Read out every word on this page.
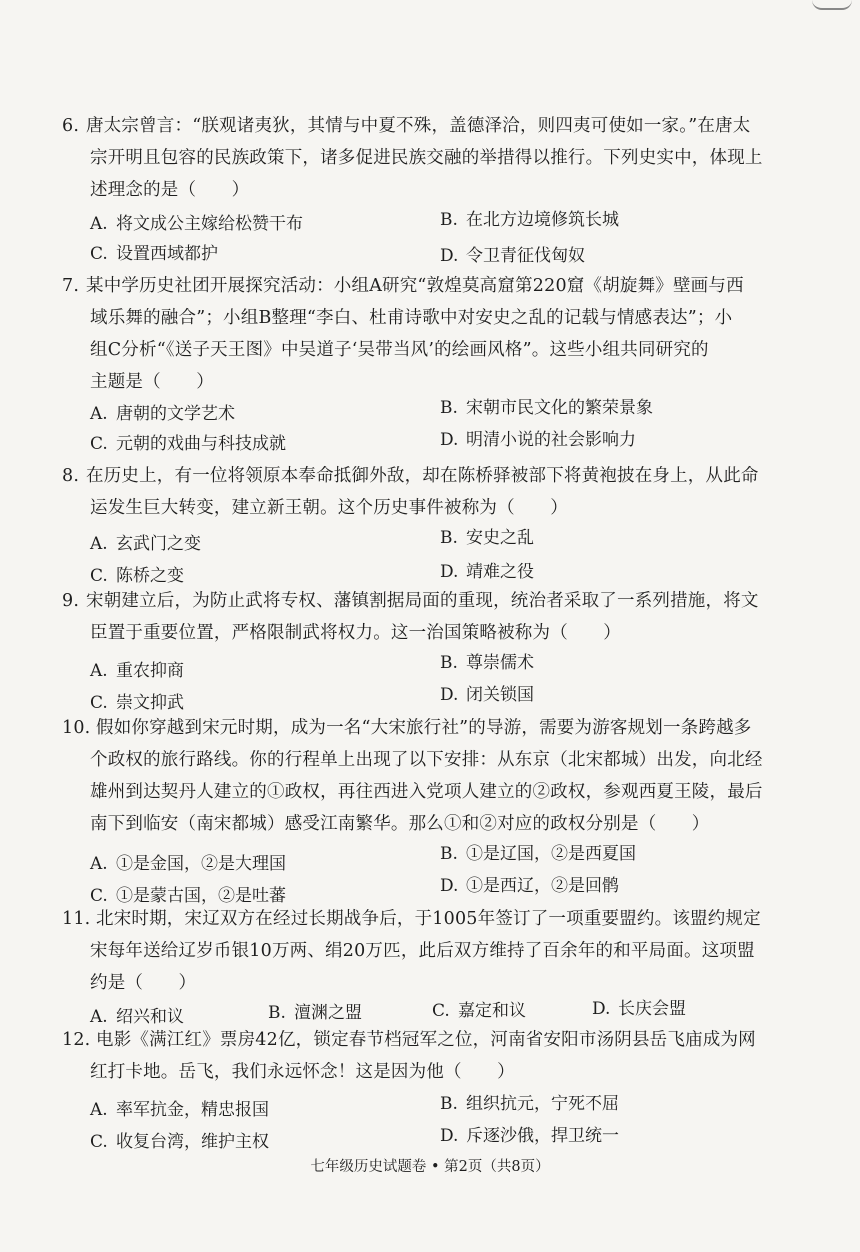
6. 唐太宗曾言：“朕观诸夷狄，其情与中夏不殊，盖德泽洽，则四夷可使如一家。”在唐太
宗开明且包容的民族政策下，诸多促进民族交融的举措得以推行。下列史实中，体现上
述理念的是（　　）
A. 将文成公主嫁给松赞干布	B. 在北方边境修筑长城
C. 设置西域都护	D. 令卫青征伐匈奴
7. 某中学历史社团开展探究活动：小组A研究“敦煌莫高窟第220窟《胡旋舞》壁画与西
域乐舞的融合”；小组B整理“李白、杜甫诗歌中对安史之乱的记载与情感表达”；小
组C分析“《送子天王图》中吴道子‘吴带当风’的绘画风格”。这些小组共同研究的
主题是（　　）
A. 唐朝的文学艺术	B. 宋朝市民文化的繁荣景象
C. 元朝的戏曲与科技成就	D. 明清小说的社会影响力
8. 在历史上，有一位将领原本奉命抵御外敌，却在陈桥驿被部下将黄袍披在身上，从此命
运发生巨大转变，建立新王朝。这个历史事件被称为（　　）
A. 玄武门之变	B. 安史之乱
C. 陈桥之变	D. 靖难之役
9. 宋朝建立后，为防止武将专权、藩镇割据局面的重现，统治者采取了一系列措施，将文
臣置于重要位置，严格限制武将权力。这一治国策略被称为（　　）
A. 重农抑商	B. 尊崇儒术
C. 崇文抑武	D. 闭关锁国
10. 假如你穿越到宋元时期，成为一名“大宋旅行社”的导游，需要为游客规划一条跨越多
个政权的旅行路线。你的行程单上出现了以下安排：从东京（北宋都城）出发，向北经
雄州到达契丹人建立的①政权，再往西进入党项人建立的②政权，参观西夏王陵，最后
南下到临安（南宋都城）感受江南繁华。那么①和②对应的政权分别是（　　）
A. ①是金国，②是大理国	B. ①是辽国，②是西夏国
C. ①是蒙古国，②是吐蕃	D. ①是西辽，②是回鹘
11. 北宋时期，宋辽双方在经过长期战争后，于1005年签订了一项重要盟约。该盟约规定
宋每年送给辽岁币银10万两、绢20万匹，此后双方维持了百余年的和平局面。这项盟
约是（　　）
A. 绍兴和议	B. 澶渊之盟	C. 嘉定和议	D. 长庆会盟
12. 电影《满江红》票房42亿，锁定春节档冠军之位，河南省安阳市汤阴县岳飞庙成为网
红打卡地。岳飞，我们永远怀念！这是因为他（　　）
A. 率军抗金，精忠报国	B. 组织抗元，宁死不屈
C. 收复台湾，维护主权	D. 斥逐沙俄，捍卫统一
七年级历史试题卷 • 第2页（共8页）
